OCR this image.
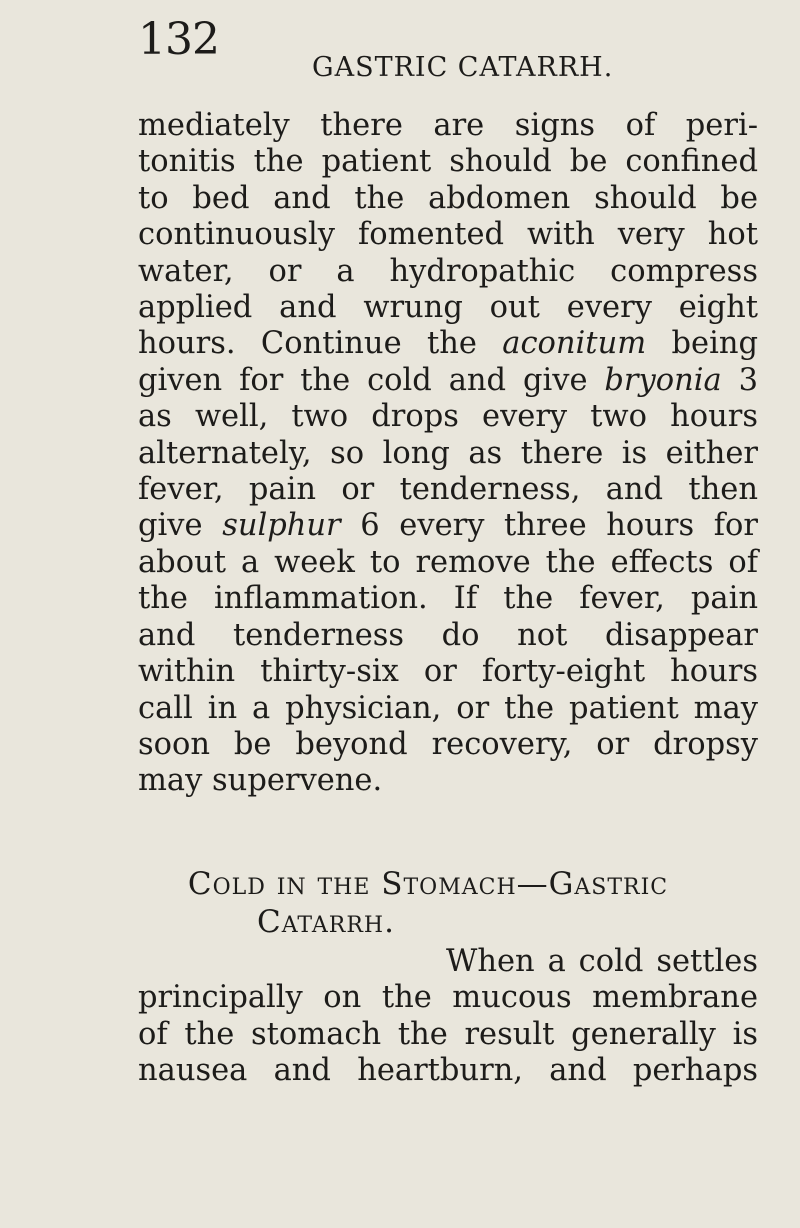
132
GASTRIC CATARRH.
mediately there are signs of peri-
tonitis the patient should be confined
to bed and the abdomen should be
continuously fomented with very hot
water, or a hydropathic compress
applied and wrung out every eight
hours. Continue the aconitum being
given for the cold and give bryonia 3
as well, two drops every two hours
alternately, so long as there is either
fever, pain or tenderness, and then
give sulphur 6 every three hours for
about a week to remove the effects of
the inflammation. If the fever, pain
and tenderness do not disappear
within thirty-six or forty-eight hours
call in a physician, or the patient may
soon be beyond recovery, or dropsy
may supervene.
Cold in the Stomach—Gastric
Catarrh.
When a cold settles
principally on the mucous membrane
of the stomach the result generally is
nausea and heartburn, and perhaps
